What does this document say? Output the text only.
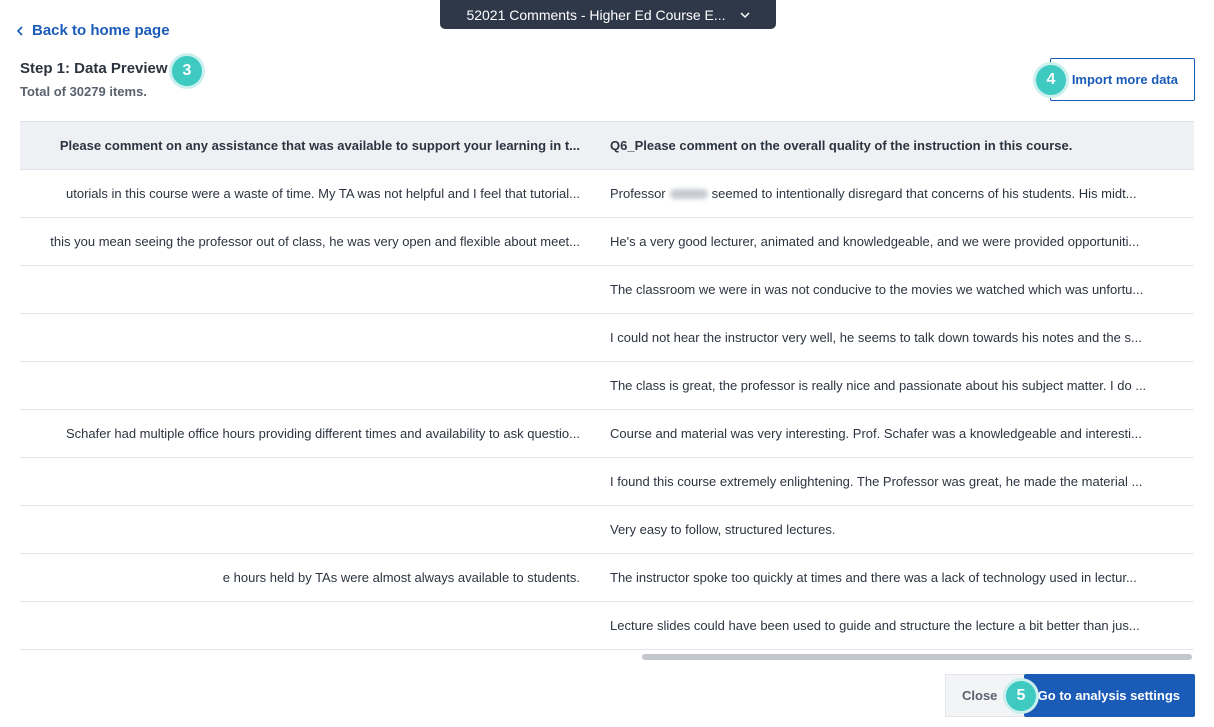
52021 Comments - Higher Ed Course E...
Back to home page
Step 1: Data Preview 3
Total of 30279 items.
Import more data
4
Please comment on any assistance that was available to support your learning in t... Q6_Please comment on the overall quality of the instruction in this course.
utorials in this course were a waste of time. My TA was not helpful and I feel that tutorial... Professor	seemed to intentionally disregard that concerns of his students. His midt...
this you mean seeing the professor out of class, he was very open and flexible about meet... He's a very good lecturer, animated and knowledgeable, and we were provided opportuniti...
The classroom we were in was not conducive to the movies we watched which was unfortu...
I could not hear the instructor very well, he seems to talk down towards his notes and the s...
The class is great, the professor is really nice and passionate about his subject matter. I do ...
Schafer had multiple office hours providing different times and availability to ask questio... Course and material was very interesting. Prof. Schafer was a knowledgeable and interesti...
I found this course extremely enlightening. The Professor was great, he made the material ...
Very easy to follow, structured lectures.
e hours held by TAs were almost always available to students. The instructor spoke too quickly at times and there was a lack of technology used in lectur...
Lecture slides could have been used to guide and structure the lecture a bit better than jus...
Close	Go to analysis settings
5
